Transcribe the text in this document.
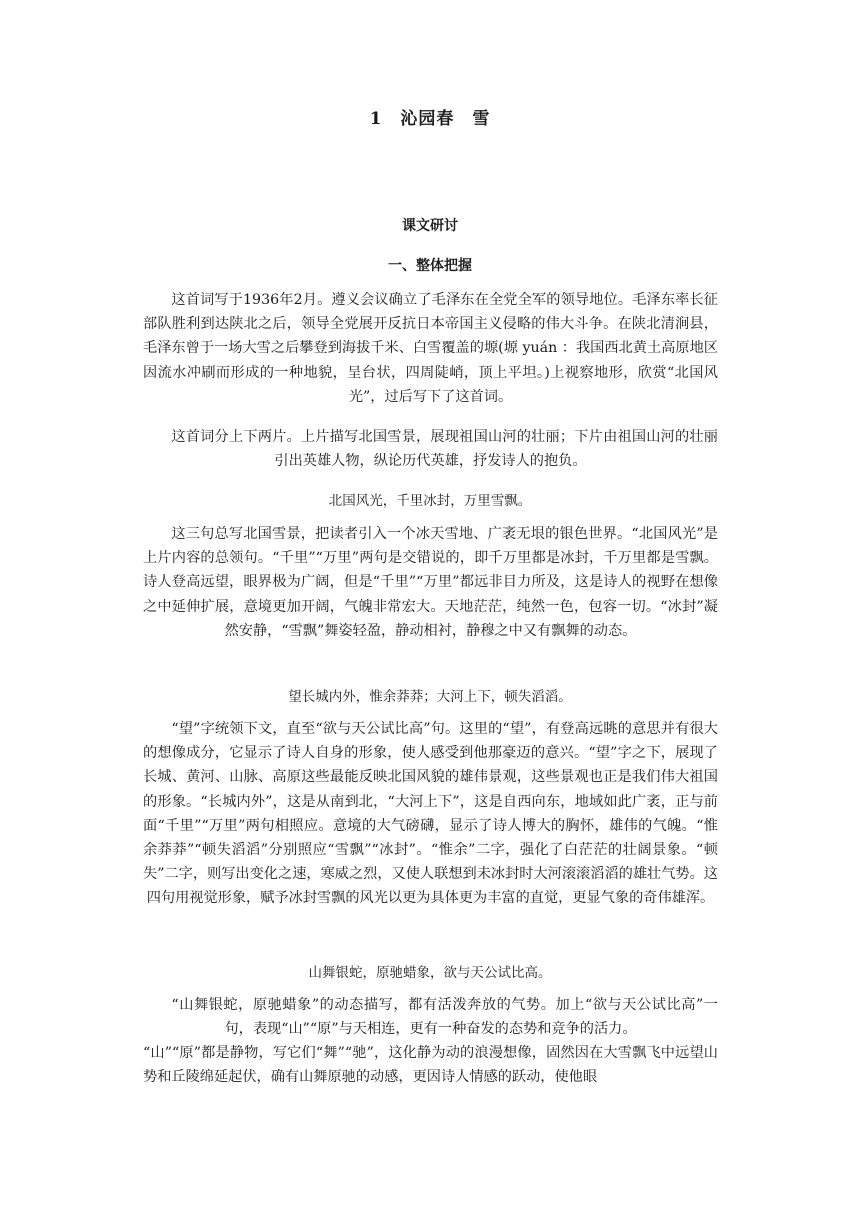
1　沁园春　雪
课文研讨
一、整体把握
这首词写于1936年2月。遵义会议确立了毛泽东在全党全军的领导地位。毛泽东率长征部队胜利到达陕北之后，领导全党展开反抗日本帝国主义侵略的伟大斗争。在陕北清涧县，毛泽东曾于一场大雪之后攀登到海拔千米、白雪覆盖的塬(塬 yuán ：我国西北黄土高原地区因流水冲刷而形成的一种地貌，呈台状，四周陡峭，顶上平坦。)上视察地形，欣赏“北国风光”，过后写下了这首词。
这首词分上下两片。上片描写北国雪景，展现祖国山河的壮丽；下片由祖国山河的壮丽引出英雄人物，纵论历代英雄，抒发诗人的抱负。
北国风光，千里冰封，万里雪飘。
这三句总写北国雪景，把读者引入一个冰天雪地、广袤无垠的银色世界。“北国风光”是上片内容的总领句。“千里”“万里”两句是交错说的，即千万里都是冰封，千万里都是雪飘。诗人登高远望，眼界极为广阔，但是“千里”“万里”都远非目力所及，这是诗人的视野在想像之中延伸扩展，意境更加开阔，气魄非常宏大。天地茫茫，纯然一色，包容一切。“冰封”凝然安静，“雪飘”舞姿轻盈，静动相衬，静穆之中又有飘舞的动态。
望长城内外，惟余莽莽；大河上下，顿失滔滔。
“望”字统领下文，直至“欲与天公试比高”句。这里的“望”，有登高远眺的意思并有很大的想像成分，它显示了诗人自身的形象，使人感受到他那豪迈的意兴。“望”字之下，展现了长城、黄河、山脉、高原这些最能反映北国风貌的雄伟景观，这些景观也正是我们伟大祖国的形象。“长城内外”，这是从南到北，“大河上下”，这是自西向东，地域如此广袤，正与前面“千里”“万里”两句相照应。意境的大气磅礴，显示了诗人博大的胸怀，雄伟的气魄。“惟余莽莽”“顿失滔滔”分别照应“雪飘”“冰封”。“惟余”二字，强化了白茫茫的壮阔景象。“顿失”二字，则写出变化之速，寒威之烈，又使人联想到未冰封时大河滚滚滔滔的雄壮气势。这四句用视觉形象，赋予冰封雪飘的风光以更为具体更为丰富的直觉，更显气象的奇伟雄浑。
山舞银蛇，原驰蜡象，欲与天公试比高。
“山舞银蛇，原驰蜡象”的动态描写，都有活泼奔放的气势。加上“欲与天公试比高”一句，表现“山”“原”与天相连，更有一种奋发的态势和竞争的活力。
“山”“原”都是静物，写它们“舞”“驰”，这化静为动的浪漫想像，固然因在大雪飘飞中远望山势和丘陵绵延起伏，确有山舞原驰的动感，更因诗人情感的跃动，使他眼
